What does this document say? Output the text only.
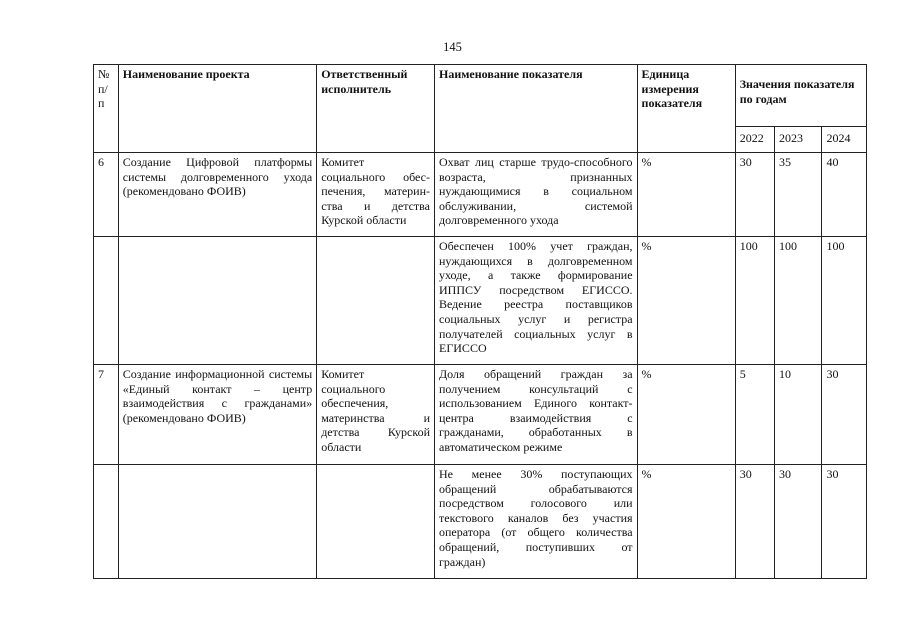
145
№ п/п	Наименование проекта	Ответственный исполнитель	Наименование показателя	Единица измерения показателя	Значения показателя по годам		
					2022	2023	2024
6	Создание Цифровой платформы системы долговременного ухода (рекомендовано ФОИВ)	Комитет социального обес-печения, материн-ства и детства Курской области	Охват лиц старше трудо-способного возраста, признанных нуждающимися в социальном обслуживании, системой долговременного ухода	%	30	35	40
			Обеспечен 100% учет граждан, нуждающихся в долговременном уходе, а также формирование ИППСУ посредством ЕГИССО. Ведение реестра поставщиков социальных услуг и регистра получателей социальных услуг в ЕГИССО	%	100	100	100
7	Создание информационной системы «Единый контакт – центр взаимодействия с гражданами» (рекомендовано ФОИВ)	Комитет социального обеспечения, материнства и детства Курской области	Доля обращений граждан за получением консультаций с использованием Единого контакт-центра взаимодействия с гражданами, обработанных в автоматическом режиме	%	5	10	30
			Не менее 30% поступающих обращений обрабатываются посредством голосового или текстового каналов без участия оператора (от общего количества обращений, поступивших от граждан)	%	30	30	30
